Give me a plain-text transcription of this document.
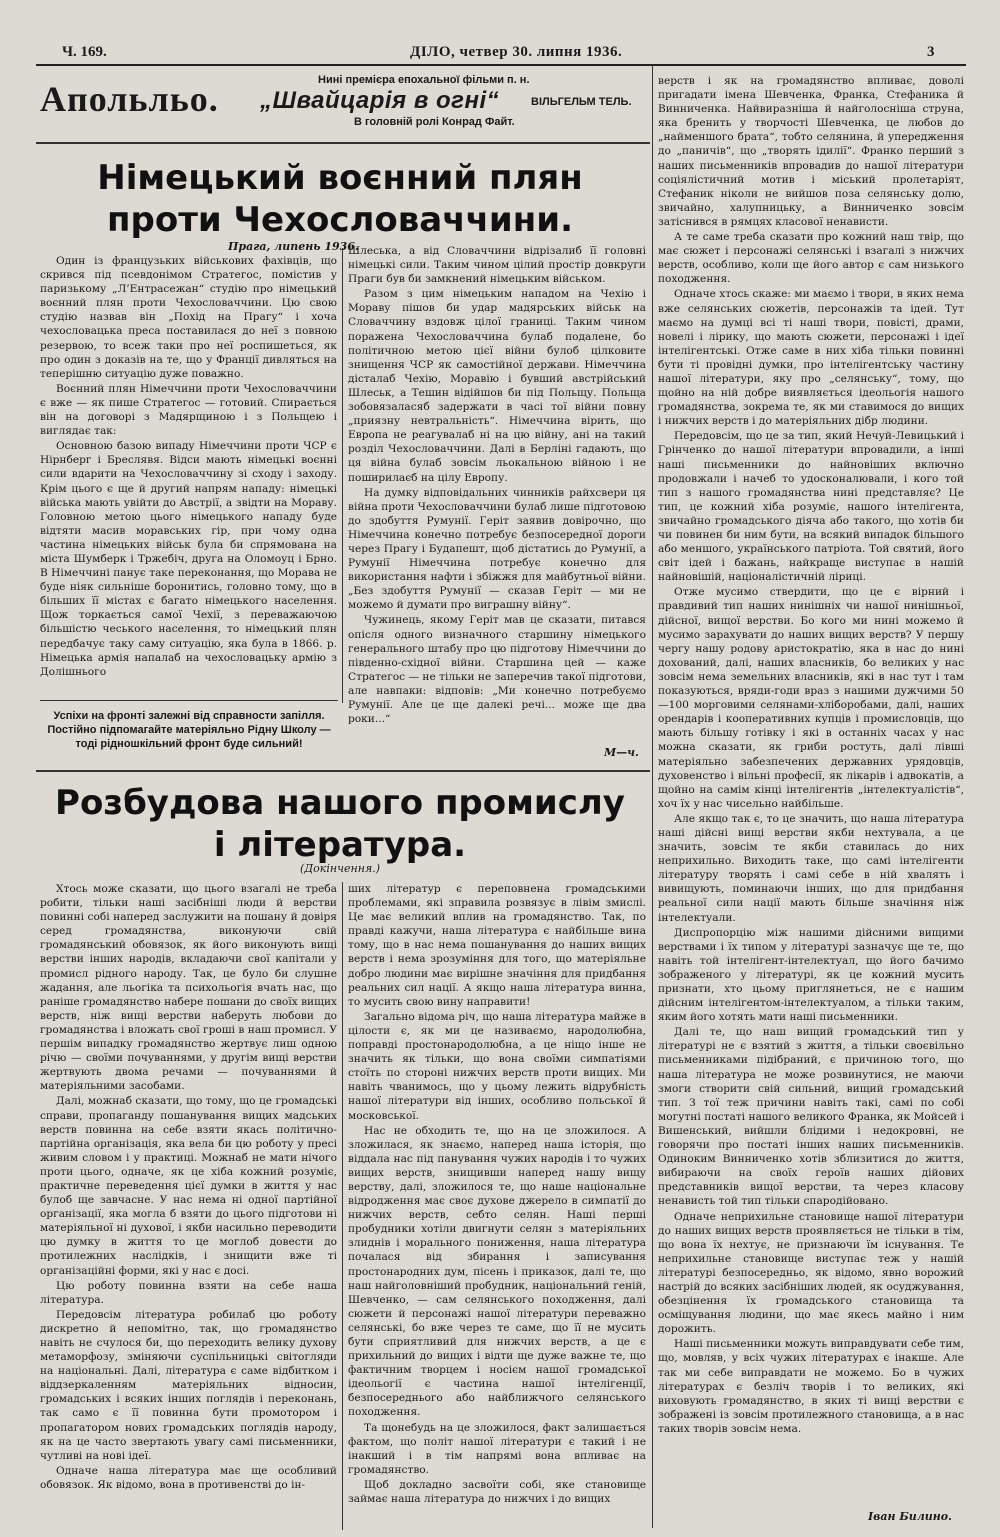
Ч. 169.	ДІЛО, четвер 30. липня 1936.	3
Апольльо.	Нині премієра епохальної фільми п. н.
„Швайцарія в огні“	ВІЛЬГЕЛЬМ ТЕЛЬ.
В головній ролі Конрад Файт.
Німецький воєнний плян
проти Чехословаччини.
Прага, липень 1936.

Один із французьких військових фахівців, що скрився під псевдонімом Стратегос, помістив у паризькому „Л’Ентрасежан“ студію про німецький воєнний плян проти Чехословаччини. Цю свою студію назвав він „Похід на Прагу“ і хоча чехословацька преса поставилася до неї з повною резервою, то всеж таки про неї роспишеться, як про один з доказів на те, що у Франції дивляться на теперішню ситуацію дуже поважно.

Воєнний плян Німеччини проти Чехословаччини є вже — як пише Стратегос — готовий. Спирається він на договорі з Мадярщиною і з Польщею і виглядає так:

Основною базою випаду Німеччини проти ЧСР є Нірнберг і Бреслявя. Відси мають німецькі воєнні сили вдарити на Чехословаччину зі сходу і заходу. Крім цього є ще й другий напрям нападу: німецькі війська мають увійти до Австрії, а звідти на Мораву. Головною метою цього німецького нападу буде відтяти масив моравських гір, при чому одна частина німецьких військ була би спрямована на міста Шумберк і Тржебіч, друга на Оломоуц і Брно. В Німеччині панує таке переконання, що Морава не буде ніяк сильніше боронитись, головно тому, що в більших її містах є багато німецького населення. Щож торкається самої Чехії, з переважаючою більшістю чеського населення, то німецький плян передбачує таку саму ситуацію, яка була в 1866. р. Німецька армія напалаб на чехословацьку армію з Долішнього

Шлеська, а від Словаччини відрізалиб її головні німецькі сили. Таким чином цілий простір довкруги Праги був би замкнений німецьким військом.

Разом з цим німецьким нападом на Чехію і Мораву пішов би удар мадярських військ на Словаччину вздовж цілої границі. Таким чином поражена Чехословаччина булаб подалене, бо політичною метою цієї війни булоб цілковите знищення ЧСР як самостійної держави. Німеччина дісталаб Чехію, Моравію і бувший австрійський Шлеськ, а Тешин відійшов би під Польщу. Польща зобовязаласяб задержати в часі тої війни повну „приязну невтральність“. Німеччина вірить, що Европа не реагувалаб ні на цю війну, ані на такий розділ Чехословаччини. Далі в Берліні гадають, що ця війна булаб зовсім льокальною війною і не поширилаєб на цілу Европу.

На думку відповідальних чинників райхсвери ця війна проти Чехословаччини булаб лише підготовою до здобуття Румунії. Геріт заявив довірочно, що Німеччина конечно потребує безпосередної дороги через Прагу і Будапешт, щоб дістатись до Румунії, а Румунії Німеччина потребує конечно для використання нафти і збіжжя для майбутньої війни. „Без здобуття Румунії — сказав Геріт — ми не можемо й думати про виграшну війну“.

Чужинець, якому Геріт мав це сказати, питався опісля одного визначного старшину німецького генерального штабу про цю підготову Німеччини до південно-східної війни. Старшина цей — каже Стратегос — не тільки не заперечив такої підготови, але навпаки: відповів: „Ми конечно потребуємо Румунії. Але це ще далекі речі... може ще два роки...“

М—ч.
Успіхи на фронті залежні від справности запілля. Постійно підпомагайте матеріяльно Рідну Школу — тоді рідношкільний фронт буде сильний!
Розбудова нашого промислу
і література.
(Докінчення.)

Хтось може сказати, що цього взагалі не треба робити, тільки наші засібніші люди й верстви повинні собі наперед заслужити на пошану й довіря серед громадянства, виконуючи свій громадянський обовязок, як його виконують вищі верстви інших народів, вкладаючи свої капітали у промисл рідного народу. Так, це було би слушне жадання, але льогіка та психольогія вчать нас, що раніше громадянство набере пошани до своїх вищих верств, ніж вищі верстви наберуть любови до громадянства і вложать свої гроші в наш промисл. У першім випадку громадянство жертвує лиш одною річю — своїми почуваннями, у другім вищі верстви жертвують двома речами — почуваннями й матеріяльними засобами.

Далі, можнаб сказати, що тому, що це громадські справи, пропаганду пошанування вищих мадських верств повинна на себе взяти якась політично-партійна організація, яка вела би цю роботу у пресі живим словом і у практиці. Можнаб не мати нічого проти цього, одначе, як це хіба кожний розуміє, практичне переведення цієї думки в життя у нас булоб ще завчасне. У нас нема ні одної партійної організації, яка могла б взяти до цього підготови ні матеріяльної ні духової, і якби насильно переводити цю думку в життя то це моглоб довести до протилежних наслідків, і знищити вже ті організаційні форми, які у нас є досі.

Цю роботу повинна взяти на себе наша література.

Передовсім література робилаб цю роботу дискретно й непомітно, так, що громадянство навіть не счулося би, що переходить велику духову метаморфозу, зміняючи суспільницькі світогляди на національні. Далі, література є саме відбитком і віддзеркаленням матеріяльних відносин, громадських і всяких інших поглядів і переконань, так само є її повинна бути промотором і пропагатором нових громадських поглядів народу, як на це часто звертають увагу самі письменники, чутливі на нові ідеї.

Одначе наша література має ще особливий обовязок. Як відомо, вона в противенстві до ін-

ших літератур є переповнена громадськими проблемами, які зправила розвязує в лівім змислі. Це має великий вплив на громадянство. Так, по правді кажучи, наша література є найбільше вина тому, що в нас нема пошанування до наших вищих верств і нема зрозуміння для того, що матеріяльне добро людини має вирішне значіння для придбання реальних сил нації. А якщо наша література винна, то мусить свою вину направити!

Загально відома річ, що наша література майже в цілости є, як ми це називаємо, народолюбна, поправді простонародолюбна, а це ніщо інше не значить як тільки, що вона своїми симпатіями стоїть по стороні нижчих верств проти вищих. Ми навіть чванимось, що у цьому лежить відрубність нашої літератури від інших, особливо польської й московської.

Нас не обходить те, що на це зложилося. А зложилася, як знаємо, наперед наша історія, що віддала нас під панування чужих народів і то чужих вищих верств, знищивши наперед нашу вищу верству, далі, зложилося те, що наше національне відродження має своє духове джерело в симпатії до нижчих верств, себто селян. Наші перші пробудники хотіли двигнути селян з матеріяльних злиднів і морального пониження, наша література почалася від збирання і записування простонародних дум, пісень і приказок, далі те, що наш найголовніший пробудник, національний геній, Шевченко, — сам селянського походження, далі сюжети й персонажі нашої літератури переважно селянські, бо вже через те саме, що її не мусить бути сприятливий для нижчих верств, а це є прихильний до вищих і відти ще дуже важне те, що фактичним творцем і носієм нашої громадської ідеольогії є частина нашої інтелігенції, безпосереднього або найближчого селянського походження.

Та щонебудь на це зложилося, факт залишається фактом, що політ нашої літератури є такий і не інакший і в тім напрямі вона впливає на громадянство.

Щоб докладно засвоїти собі, яке становище займає наша література до нижчих і до вищих

верств і як на громадянство впливає, доволі пригадати імена Шевченка, Франка, Стефаника й Винниченка. Найвиразніша й найголосніша струна, яка бренить у творчості Шевченка, це любов до „найменшого брата“, тобто селянина, й упередження до „паничів“, що „творять ідилії“. Франко перший з наших письменників впровадив до нашої літератури соціялістичний мотив і міський пролетаріят, Стефаник ніколи не вийшов поза селянську долю, звичайно, халупницьку, а Винниченко зовсім затіснився в рямцях класової ненависти.

А те саме треба сказати про кожний наш твір, що має сюжет і персонажі селянські і взагалі з нижчих верств, особливо, коли ще його автор є сам низького походження.

Одначе хтось скаже: ми маємо і твори, в яких нема вже селянських сюжетів, персонажів та ідей. Тут маємо на думці всі ті наші твори, повісті, драми, новелі і лірику, що мають сюжети, персонажі і ідеї інтелігентські. Отже саме в них хіба тільки повинні бути ті провідні думки, про інтелігентську частину нашої літератури, яку про „селянську“, тому, що щойно на ній добре виявляється ідеольогія нашого громадянства, зокрема те, як ми ставимося до вищих і нижчих верств і до матеріяльних дібр людини.

Передовсім, що це за тип, який Нечуй-Левицький і Грінченко до нашої літератури впровадили, а інші наші письменники до найновіших включно продовжали і начеб то удосконалювали, і кого той тип з нашого громадянства нині представляє? Це тип, це кожний хіба розуміє, нашого інтелігента, звичайно громадського діяча або такого, що хотів би чи повинен би ним бути, на всякий випадок більшого або меншого, українського патріота. Той святий, його світ ідей і бажань, найкраще виступає в нашій найновішій, націоналістичній ліриці.

Отже мусимо ствердити, що це є вірний і правдивий тип наших нинішніх чи нашої нинішньої, дійсної, вищої верстви. Бо кого ми нині можемо й мусимо зарахувати до наших вищих верств? У першу чергу нашу родову аристократію, яка в нас до нині дохований, далі, наших власників, бо великих у нас зовсім нема земельних власників, які в нас тут і там показуються, вряди-годи враз з нашими дужчими 50—100 морговими селянами-хліборобами, далі, наших орендарів і кооперативних купців і промисловців, що мають більшу готівку і які в останніх часах у нас можна сказати, як гриби ростуть, далі лівші матеріяльно забезпечених державних урядовців, духовенство і вільні професії, як лікарів і адвокатів, а щойно на самім кінці інтелігентів „інтелектуалістів“, хоч їх у нас чисельно найбільше.

Але якщо так є, то це значить, що наша література наші дійсні вищі верстви якби нехтувала, а це значить, зовсім те якби ставилась до них неприхильно. Виходить таке, що самі інтелігенти літературу творять і самі себе в ній хвалять і вивищують, поминаючи інших, що для придбання реальної сили нації мають більше значіння ніж інтелектуали.

Диспропорцію між нашими дійсними вищими верствами і їх типом у літературі зазначує ще те, що навіть той інтелігент-інтелектуал, що його бачимо зображеного у літературі, як це кожний мусить признати, хто цьому приглянеться, не є нашим дійсним інтелігентом-інтелектуалом, а тільки таким, яким його хотять мати наші письменники.

Далі те, що наш вищий громадський тип у літературі не є взятий з життя, а тільки своєвільно письменниками підібраний, є причиною того, що наша література не може розвинутися, не маючи змоги створити свій сильний, вищий громадський тип. З тої теж причини навіть такі, самі по собі могутні постаті нашого великого Франка, як Мойсей і Вишенський, вийшли блідими і недокровні, не говорячи про постаті інших наших письменників. Одиноким Винниченко хотів зблизитися до життя, вибираючи на своїх героїв наших дійових представників вищої верстви, та через класову ненависть той тип тільки спародійовано.

Одначе неприхильне становище нашої літератури до наших вищих верств проявляється не тільки в тім, що вона їх нехтує, не признаючи їм існування. Те неприхильне становище виступає теж у нашій літературі безпосередньо, як відомо, явно ворожий настрій до всяких засібніших людей, як осуджування, обезцінення їх громадського становища та осміщування людини, що має якесь майно і ним дорожить.

Наші письменники можуть виправдувати себе тим, що, мовляв, у всіх чужих літературах є інакше. Але так ми себе виправдати не можемо. Бо в чужих літературах є безліч творів і то великих, які виховують громадянство, в яких ті вищі верстви є зображені із зовсім протилежного становища, а в нас таких творів зовсім нема.

Іван Билино.
